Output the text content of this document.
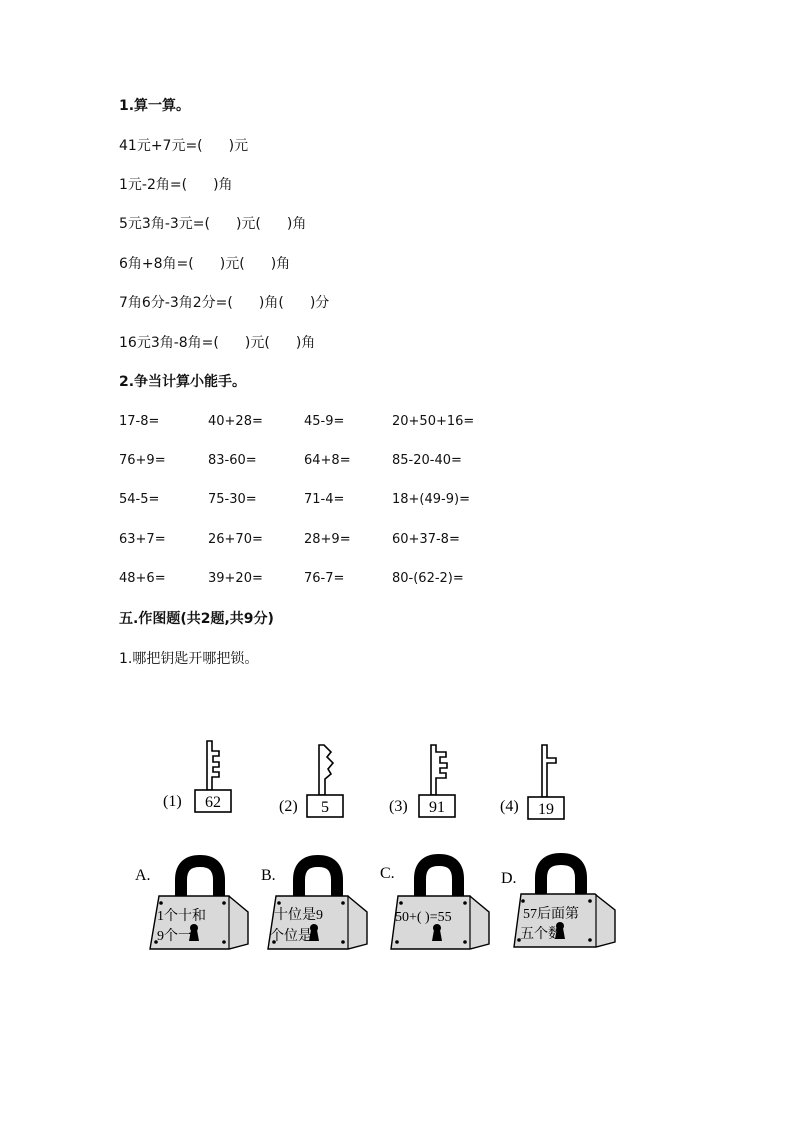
1.算一算。
41元+7元=( )元
1元-2角=( )角
5元3角-3元=( )元( )角
6角+8角=( )元( )角
7角6分-3角2分=( )角( )分
16元3角-8角=( )元( )角
2.争当计算小能手。
17-8=	40+28=	45-9=	20+50+16=
76+9=	83-60=	64+8=	85-20-40=
54-5=	75-30=	71-4=	18+(49-9)=
63+7=	26+70=	28+9=	60+37-8=
48+6=	39+20=	76-7=	80-(62-2)=
五.作图题(共2题,共9分)
1.哪把钥匙开哪把锁。
(1) 62	(2) 5	(3) 91	(4) 19
A.
1个十和
9个一
B.
十位是9
个位是1
C.
50+( )=55
D.
57后面第
五个数
